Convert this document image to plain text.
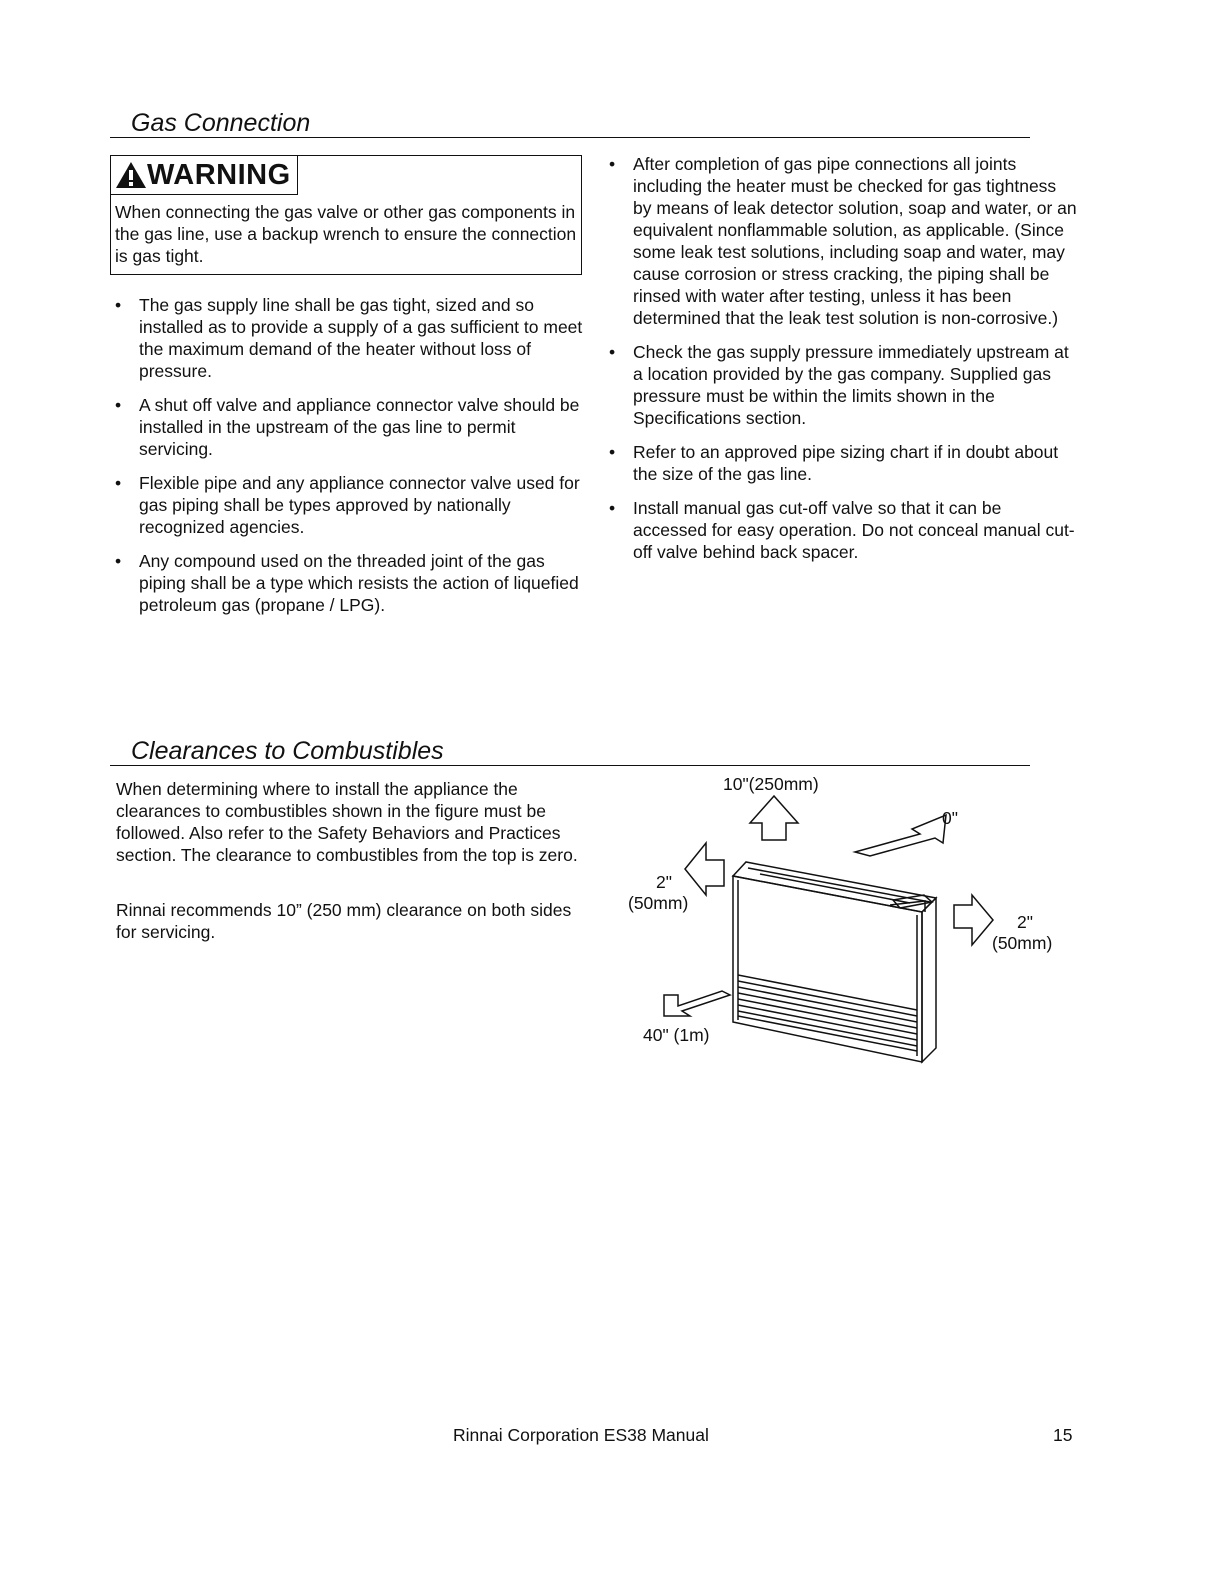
Gas Connection
WARNING
When connecting the gas valve or other gas components in the gas line, use a backup wrench to ensure the connection is gas tight.
• The gas supply line shall be gas tight, sized and so installed as to provide a supply of a gas sufficient to meet the maximum demand of the heater without loss of pressure.
• A shut off valve and appliance connector valve should be installed in the upstream of the gas line to permit servicing.
• Flexible pipe and any appliance connector valve used for gas piping shall be types approved by nationally recognized agencies.
• Any compound used on the threaded joint of the gas piping shall be a type which resists the action of liquefied petroleum gas (propane / LPG).
• After completion of gas pipe connections all joints including the heater must be checked for gas tightness by means of leak detector solution, soap and water, or an equivalent nonflammable solution, as applicable. (Since some leak test solutions, including soap and water, may cause corrosion or stress cracking, the piping shall be rinsed with water after testing, unless it has been determined that the leak test solution is non-corrosive.)
• Check the gas supply pressure immediately upstream at a location provided by the gas company. Supplied gas pressure must be within the limits shown in the Specifications section.
• Refer to an approved pipe sizing chart if in doubt about the size of the gas line.
• Install manual gas cut-off valve so that it can be accessed for easy operation. Do not conceal manual cut-off valve behind back spacer.
Clearances to Combustibles
When determining where to install the appliance the clearances to combustibles shown in the figure must be followed. Also refer to the Safety Behaviors and Practices section. The clearance to combustibles from the top is zero.
Rinnai recommends 10” (250 mm) clearance on both sides for servicing.
10"(250mm)
0"
2"
(50mm)
2"
(50mm)
40" (1m)
Rinnai Corporation ES38 Manual	15
